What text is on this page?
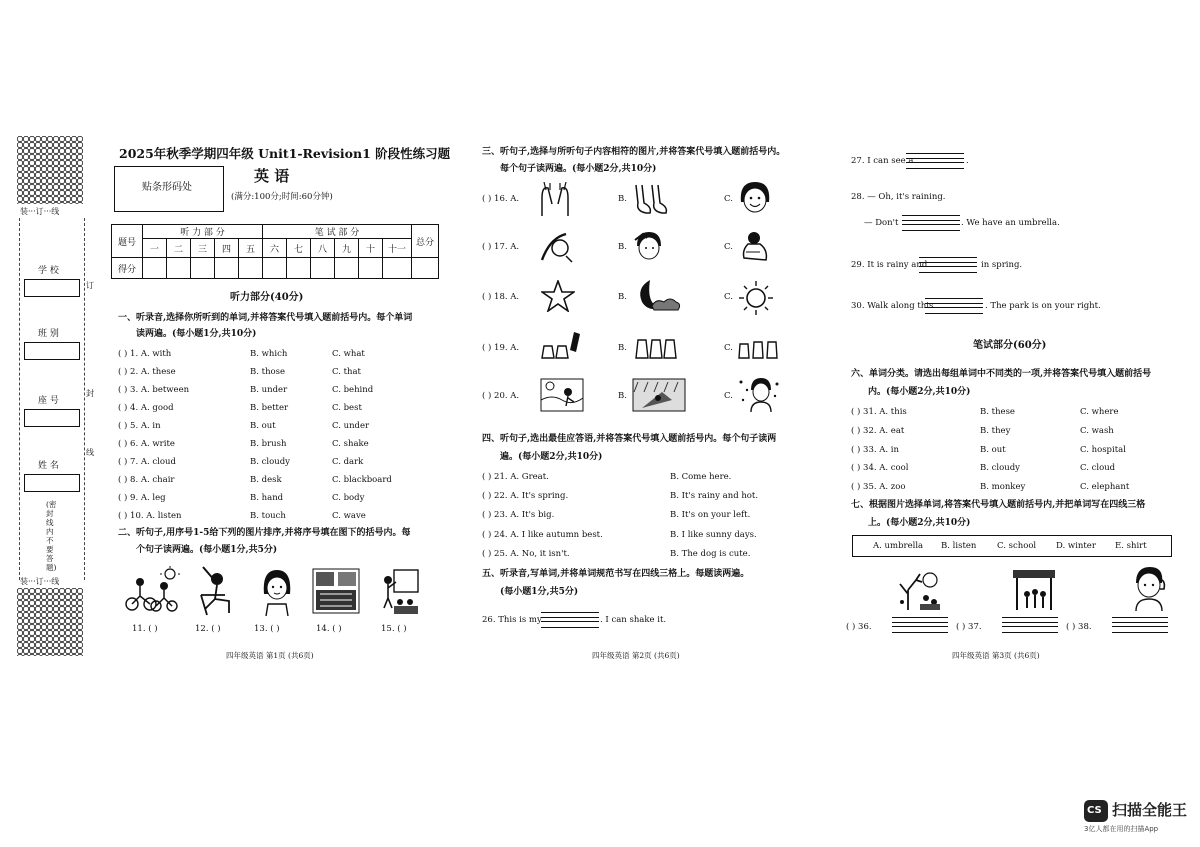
装···订···线
学 校
班 别
座 号
姓 名
订
封
线
(密封线内不要答题)
装···订···线
2025年秋季学期四年级 Unit1-Revision1 阶段性练习题
贴条形码处
英 语
(满分:100分;时间:60分钟)
题号	听 力 部 分					笔 试 部 分						总分
	一	二	三	四	五	六	七	八	九	十	十一	
得分												
听力部分(40分)
一、听录音,选择你所听到的单词,并将答案代号填入题前括号内。每个单词
读两遍。(每小题1分,共10分)
( ) 1. A. with	B. which	C. what
( ) 2. A. these	B. those	C. that
( ) 3. A. between	B. under	C. behind
( ) 4. A. good	B. better	C. best
( ) 5. A. in	B. out	C. under
( ) 6. A. write	B. brush	C. shake
( ) 7. A. cloud	B. cloudy	C. dark
( ) 8. A. chair	B. desk	C. blackboard
( ) 9. A. leg	B. hand	C. body
( ) 10. A. listen	B. touch	C. wave
二、听句子,用序号1-5给下列的图片排序,并将序号填在图下的括号内。每
个句子读两遍。(每小题1分,共5分)
11. ( )	12. ( )	13. ( )	14. ( )	15. ( )
四年级英语 第1页 (共6页)
三、听句子,选择与所听句子内容相符的图片,并将答案代号填入题前括号内。
每个句子读两遍。(每小题2分,共10分)
( ) 16. A.	B.	C.
( ) 17. A.	B.	C.
( ) 18. A.	B.	C.
( ) 19. A.	B.	C.
( ) 20. A.	B.	C.
四、听句子,选出最佳应答语,并将答案代号填入题前括号内。每个句子读两
遍。(每小题2分,共10分)
( ) 21. A. Great.	B. Come here.
( ) 22. A. It's spring.	B. It's rainy and hot.
( ) 23. A. It's big.	B. It's on your left.
( ) 24. A. I like autumn best.	B. I like sunny days.
( ) 25. A. No, it isn't.	B. The dog is cute.
五、听录音,写单词,并将单词规范书写在四线三格上。每题读两遍。
(每小题1分,共5分)
26. This is my	. I can shake it.
四年级英语 第2页 (共6页)
27. I can see a	.
28. — Oh, it's raining.
— Don't	. We have an umbrella.
29. It is rainy and	in spring.
30. Walk along this	. The park is on your right.
笔试部分(60分)
六、单词分类。请选出每组单词中不同类的一项,并将答案代号填入题前括号
内。(每小题2分,共10分)
( ) 31. A. this	B. these	C. where
( ) 32. A. eat	B. they	C. wash
( ) 33. A. in	B. out	C. hospital
( ) 34. A. cool	B. cloudy	C. cloud
( ) 35. A. zoo	B. monkey	C. elephant
七、根据图片选择单词,将答案代号填入题前括号内,并把单词写在四线三格
上。(每小题2分,共10分)
A. umbrella B. listen C. school D. winter E. shirt
( ) 36.	( ) 37.	( ) 38.
四年级英语 第3页 (共6页)
CS 扫描全能王
3亿人都在用的扫描App
